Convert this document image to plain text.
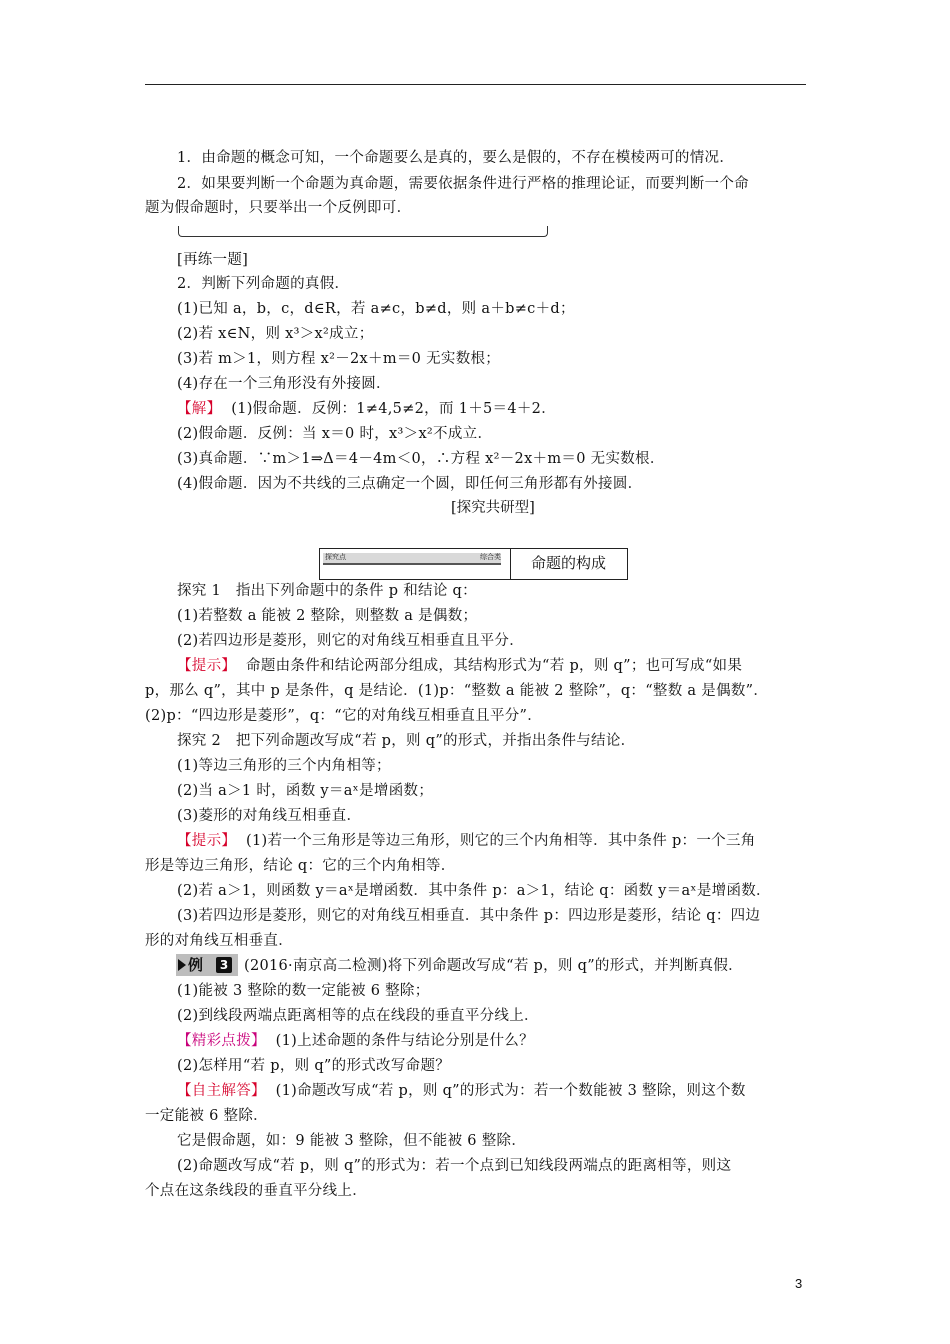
1．由命题的概念可知，一个命题要么是真的，要么是假的，不存在模棱两可的情况．
2．如果要判断一个命题为真命题，需要依据条件进行严格的推理论证，而要判断一个命
题为假命题时，只要举出一个反例即可．
[再练一题]
2．判断下列命题的真假．
(1)已知 a，b，c，d∈R，若 a≠c，b≠d，则 a＋b≠c＋d；
(2)若 x∈N，则 x³＞x²成立；
(3)若 m＞1，则方程 x²－2x＋m＝0 无实数根；
(4)存在一个三角形没有外接圆．
【解】 (1)假命题．反例：1≠4,5≠2，而 1＋5＝4＋2．
(2)假命题．反例：当 x＝0 时，x³＞x²不成立．
(3)真命题．∵m＞1⇒Δ＝4－4m＜0，∴方程 x²－2x＋m＝0 无实数根．
(4)假命题．因为不共线的三点确定一个圆，即任何三角形都有外接圆．
[探究共研型]
探究点	综合类	命题的构成
探究 1　指出下列命题中的条件 p 和结论 q：
(1)若整数 a 能被 2 整除，则整数 a 是偶数；
(2)若四边形是菱形，则它的对角线互相垂直且平分．
【提示】 命题由条件和结论两部分组成，其结构形式为“若 p，则 q”；也可写成“如果
p，那么 q”，其中 p 是条件，q 是结论．(1)p：“整数 a 能被 2 整除”，q：“整数 a 是偶数”．
(2)p：“四边形是菱形”，q：“它的对角线互相垂直且平分”．
探究 2　把下列命题改写成“若 p，则 q”的形式，并指出条件与结论．
(1)等边三角形的三个内角相等；
(2)当 a＞1 时，函数 y＝aˣ是增函数；
(3)菱形的对角线互相垂直．
【提示】 (1)若一个三角形是等边三角形，则它的三个内角相等．其中条件 p：一个三角
形是等边三角形，结论 q：它的三个内角相等．
(2)若 a＞1，则函数 y＝aˣ是增函数．其中条件 p：a＞1，结论 q：函数 y＝aˣ是增函数．
(3)若四边形是菱形，则它的对角线互相垂直．其中条件 p：四边形是菱形，结论 q：四边
形的对角线互相垂直．
例	3 (2016·南京高二检测)将下列命题改写成“若 p，则 q”的形式，并判断真假．
(1)能被 3 整除的数一定能被 6 整除；
(2)到线段两端点距离相等的点在线段的垂直平分线上．
【精彩点拨】 (1)上述命题的条件与结论分别是什么？
(2)怎样用“若 p，则 q”的形式改写命题？
【自主解答】 (1)命题改写成“若 p，则 q”的形式为：若一个数能被 3 整除，则这个数
一定能被 6 整除．
它是假命题，如：9 能被 3 整除，但不能被 6 整除．
(2)命题改写成“若 p，则 q”的形式为：若一个点到已知线段两端点的距离相等，则这
个点在这条线段的垂直平分线上．
3
